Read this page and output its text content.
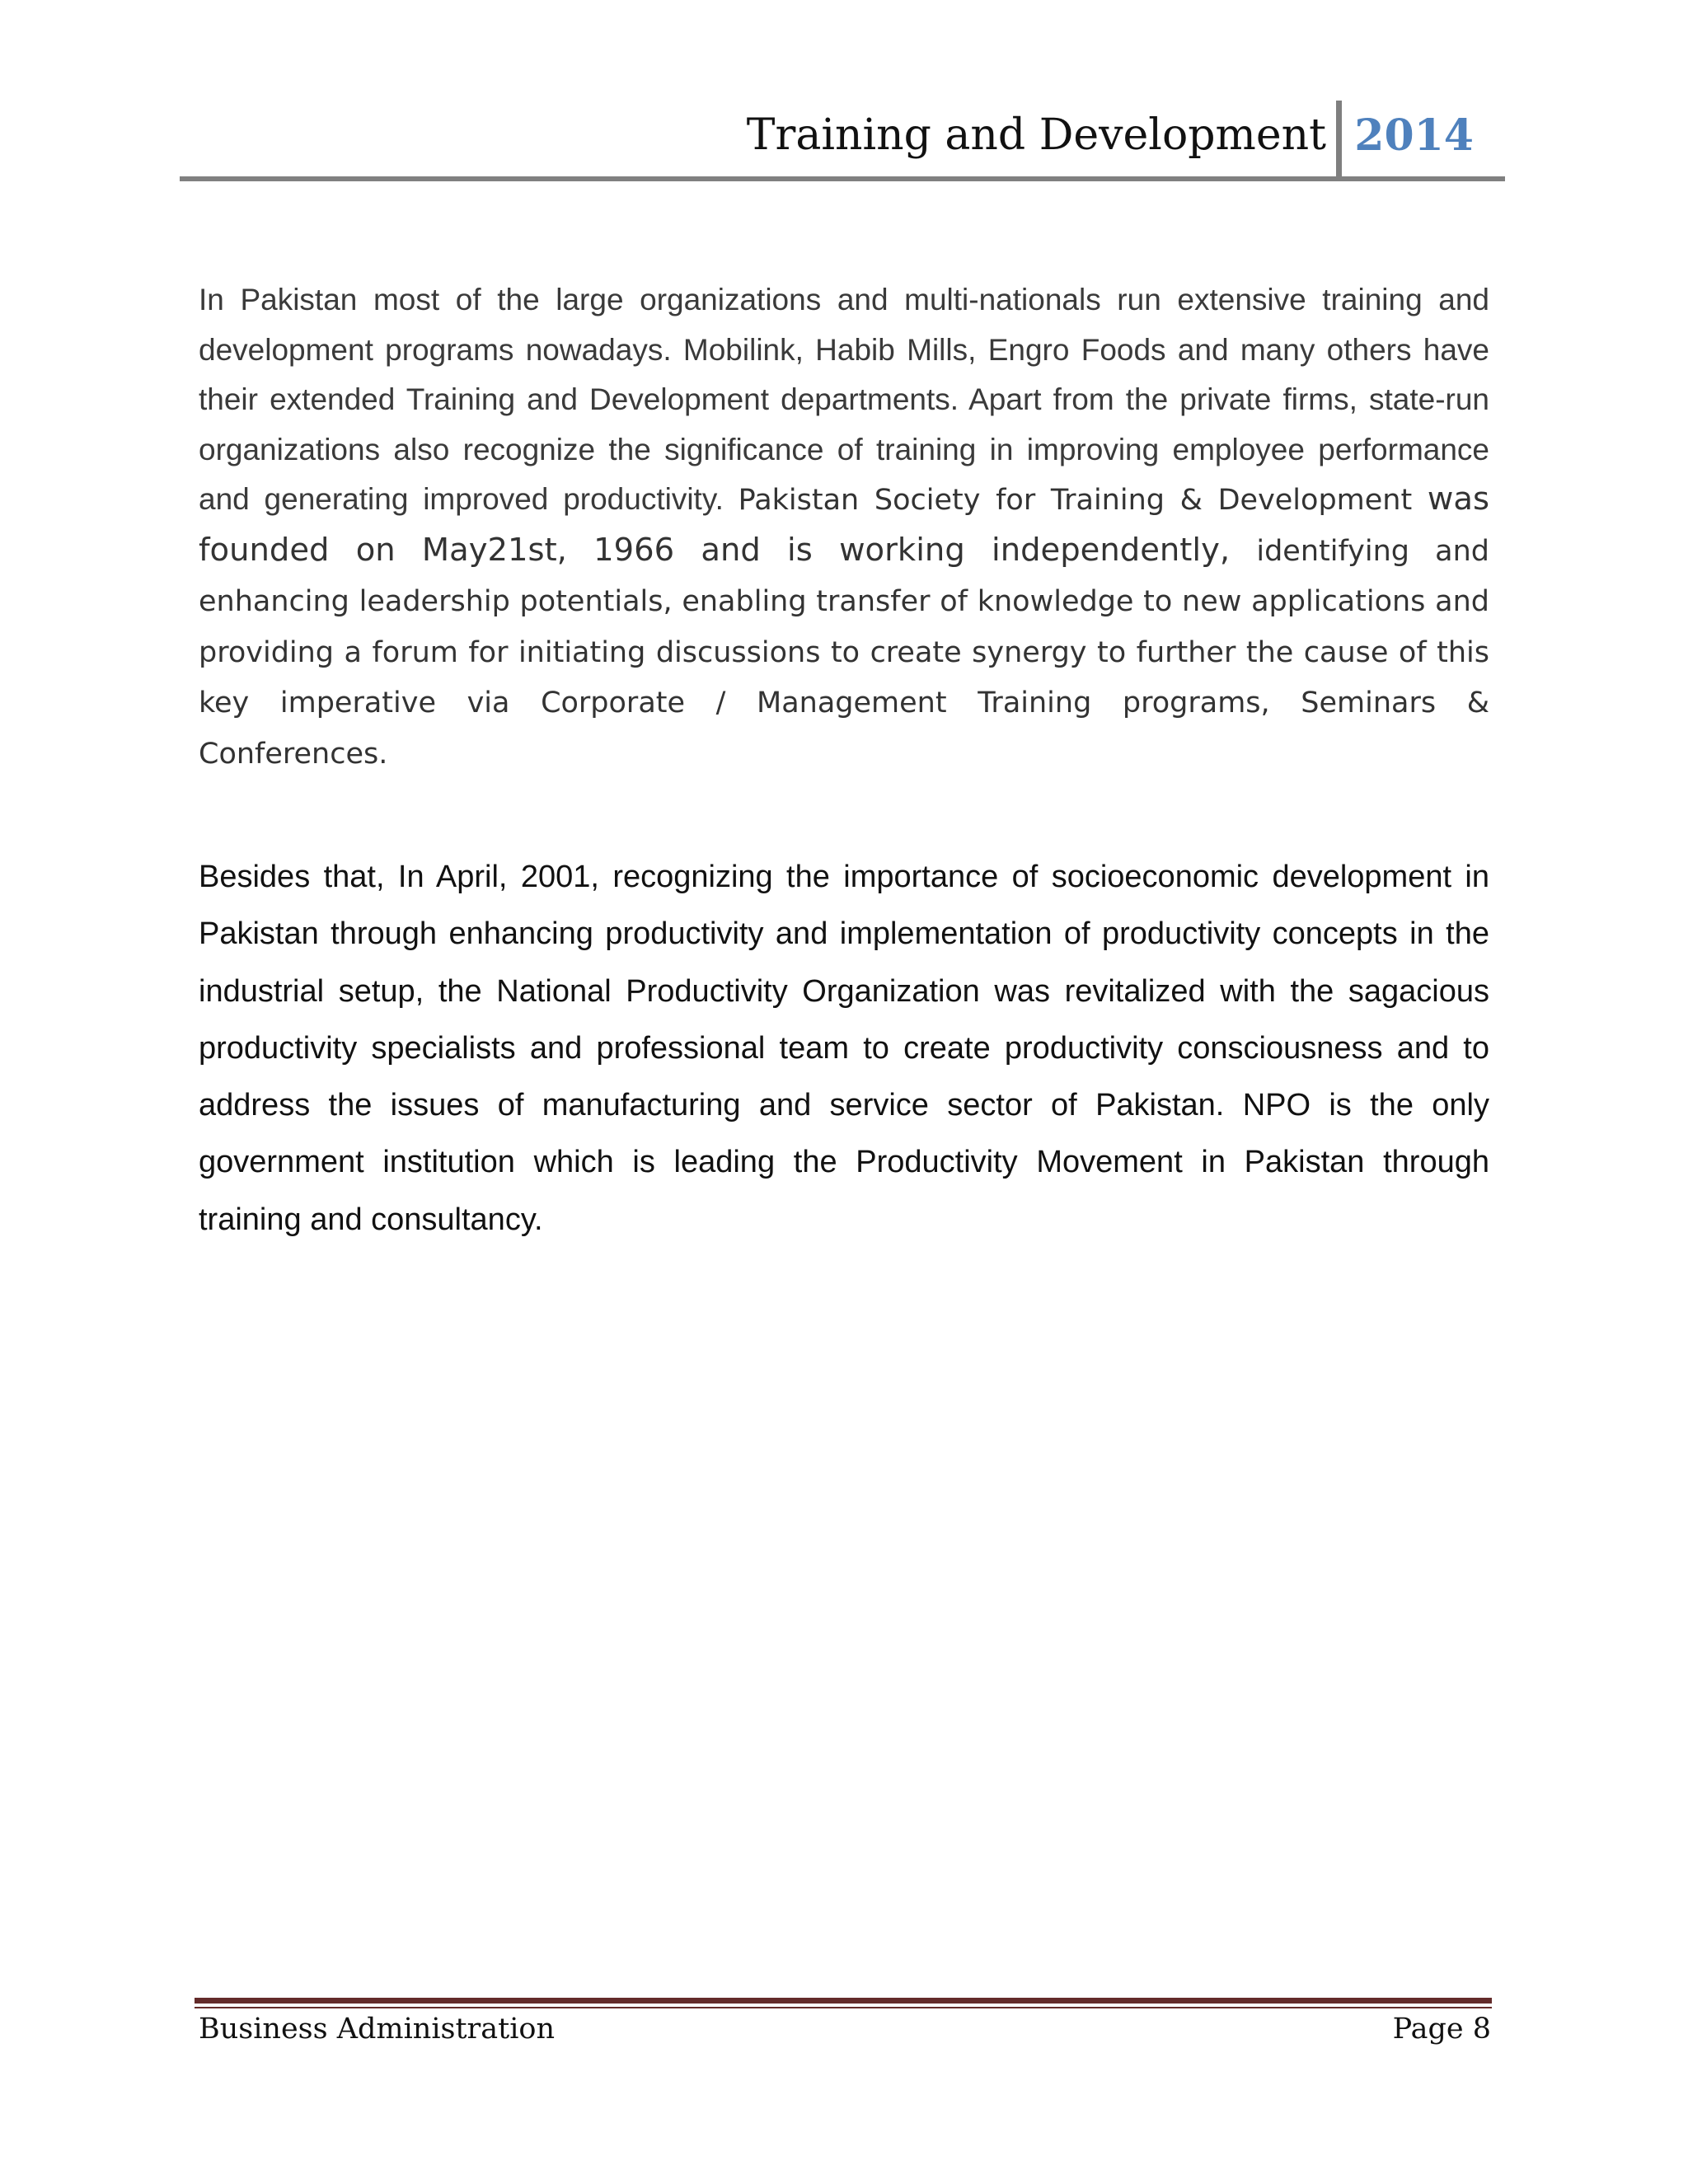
Training and Development 2014

In Pakistan most of the large organizations and multi-nationals run extensive training and development programs nowadays. Mobilink, Habib Mills, Engro Foods and many others have their extended Training and Development departments. Apart from the private firms, state-run organizations also recognize the significance of training in improving employee performance and generating improved productivity. Pakistan Society for Training & Development was founded on May21st, 1966 and is working independently, identifying and enhancing leadership potentials, enabling transfer of knowledge to new applications and providing a forum for initiating discussions to create synergy to further the cause of this key imperative via Corporate / Management Training programs, Seminars & Conferences.

Besides that, In April, 2001, recognizing the importance of socioeconomic development in Pakistan through enhancing productivity and implementation of productivity concepts in the industrial setup, the National Productivity Organization was revitalized with the sagacious productivity specialists and professional team to create productivity consciousness and to address the issues of manufacturing and service sector of Pakistan. NPO is the only government institution which is leading the Productivity Movement in Pakistan through training and consultancy.

Business Administration	Page 8
